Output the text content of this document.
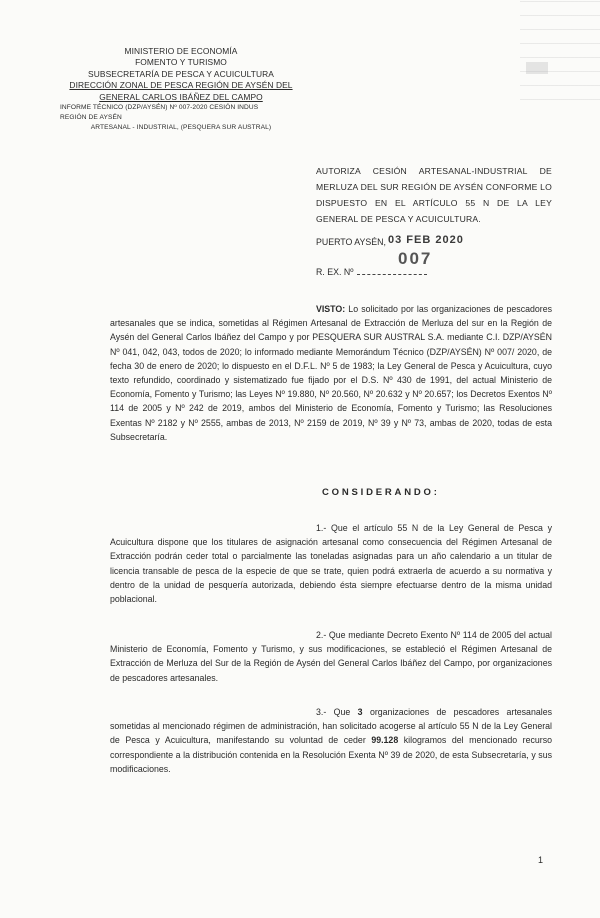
MINISTERIO DE ECONOMÍA
FOMENTO Y TURISMO
SUBSECRETARÍA DE PESCA Y ACUICULTURA
DIRECCIÓN ZONAL DE PESCA REGIÓN DE AYSÉN DEL
GENERAL CARLOS IBÁÑEZ DEL CAMPO
INFORME TÉCNICO (DZP/AYSÉN) Nº 007-2020 CESIÓN INDUS
REGIÓN DE AYSÉN
ARTESANAL - INDUSTRIAL, (PESQUERA SUR AUSTRAL)
AUTORIZA CESIÓN ARTESANAL-INDUSTRIAL DE MERLUZA DEL SUR REGIÓN DE AYSÉN CONFORME LO DISPUESTO EN EL ARTÍCULO 55 N DE LA LEY GENERAL DE PESCA Y ACUICULTURA.
PUERTO AYSÉN, 03 FEB 2020
007
R. EX. Nº
VISTO: Lo solicitado por las organizaciones de pescadores artesanales que se indica, sometidas al Régimen Artesanal de Extracción de Merluza del sur en la Región de Aysén del General Carlos Ibáñez del Campo y por PESQUERA SUR AUSTRAL S.A. mediante C.I. DZP/AYSÉN Nº 041, 042, 043, todos de 2020; lo informado mediante Memorándum Técnico (DZP/AYSÉN) Nº 007/ 2020, de fecha 30 de enero de 2020; lo dispuesto en el D.F.L. Nº 5 de 1983; la Ley General de Pesca y Acuicultura, cuyo texto refundido, coordinado y sistematizado fue fijado por el D.S. Nº 430 de 1991, del actual Ministerio de Economía, Fomento y Turismo; las Leyes Nº 19.880, Nº 20.560, Nº 20.632 y Nº 20.657; los Decretos Exentos Nº 114 de 2005 y Nº 242 de 2019, ambos del Ministerio de Economía, Fomento y Turismo; las Resoluciones Exentas Nº 2182 y Nº 2555, ambas de 2013, Nº 2159 de 2019, Nº 39 y Nº 73, ambas de 2020, todas de esta Subsecretaría.
CONSIDERANDO:
1.- Que el artículo 55 N de la Ley General de Pesca y Acuicultura dispone que los titulares de asignación artesanal como consecuencia del Régimen Artesanal de Extracción podrán ceder total o parcialmente las toneladas asignadas para un año calendario a un titular de licencia transable de pesca de la especie de que se trate, quien podrá extraerla de acuerdo a su normativa y dentro de la unidad de pesquería autorizada, debiendo ésta siempre efectuarse dentro de la misma unidad poblacional.
2.- Que mediante Decreto Exento Nº 114 de 2005 del actual Ministerio de Economía, Fomento y Turismo, y sus modificaciones, se estableció el Régimen Artesanal de Extracción de Merluza del Sur de la Región de Aysén del General Carlos Ibáñez del Campo, por organizaciones de pescadores artesanales.
3.- Que 3 organizaciones de pescadores artesanales sometidas al mencionado régimen de administración, han solicitado acogerse al artículo 55 N de la Ley General de Pesca y Acuicultura, manifestando su voluntad de ceder 99.128 kilogramos del mencionado recurso correspondiente a la distribución contenida en la Resolución Exenta Nº 39 de 2020, de esta Subsecretaría, y sus modificaciones.
1
